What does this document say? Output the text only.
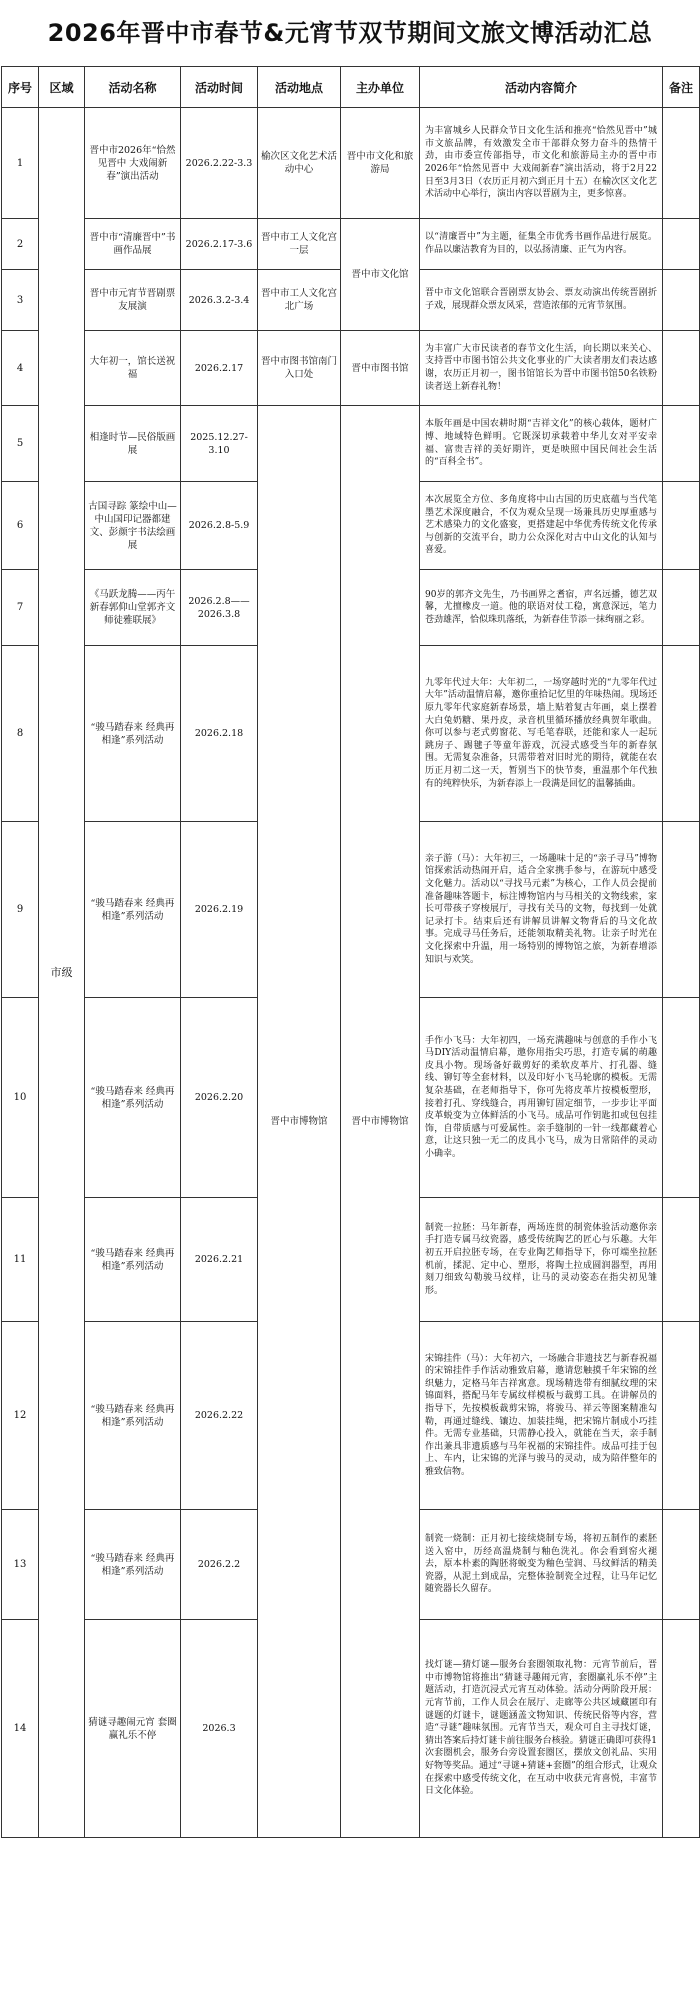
2026年晋中市春节&元宵节双节期间文旅文博活动汇总
序号	区域	活动名称	活动时间	活动地点	主办单位	活动内容简介	备注
1	市级	晋中市2026年“恰然见晋中 大戏闹新春”演出活动	2026.2.22-3.3	榆次区文化艺术活动中心	晋中市文化和旅游局	为丰富城乡人民群众节日文化生活和推亮“恰然见晋中”城市文旅品牌，有效激发全市干部群众努力奋斗的热情干劲，由市委宣传部指导，市文化和旅游局主办的晋中市2026年“恰然见晋中 大戏闹新春”演出活动，将于2月22日至3月3日（农历正月初六到正月十五）在榆次区文化艺术活动中心举行，演出内容以晋剧为主，更多惊喜。	
2		晋中市“清廉晋中”书画作品展	2026.2.17-3.6	晋中市工人文化宫一层	晋中市文化馆	以“清廉晋中”为主题，征集全市优秀书画作品进行展览。作品以廉洁教育为目的，以弘扬清廉、正气为内容。	
3		晋中市元宵节晋剧票友展演	2026.3.2-3.4	晋中市工人文化宫北广场		晋中市文化馆联合晋剧票友协会、票友动演出传统晋剧折子戏，展现群众票友风采，营造浓郁的元宵节氛围。	
4		大年初一，馆长送祝福	2026.2.17	晋中市图书馆南门入口处	晋中市图书馆	为丰富广大市民读者的春节文化生活，向长期以来关心、支持晋中市图书馆公共文化事业的广大读者朋友们表达感谢，农历正月初一，图书馆馆长为晋中市图书馆50名铁粉读者送上新春礼物！	
5		相逢时节—民俗版画展	2025.12.27-3.10	晋中市博物馆	晋中市博物馆	本版年画是中国农耕时期“吉祥文化”的核心载体，题材广博、地域特色鲜明。它既深切承载着中华儿女对平安幸福、富贵吉祥的美好期许，更是映照中国民间社会生活的“百科全书”。	
6		古国寻踪 篆绘中山—中山国印记器都建文、彭颜宇书法绘画展	2026.2.8-5.9			本次展览全方位、多角度将中山古国的历史底蕴与当代笔墨艺术深度融合，不仅为观众呈现一场兼具历史厚重感与艺术感染力的文化盛宴，更搭建起中华优秀传统文化传承与创新的交流平台，助力公众深化对古中山文化的认知与喜爱。	
7		《马跃龙腾——丙午新春郭仰山堂郭齐文师徒雅联展》	2026.2.8——2026.3.8			90岁的郭齐文先生，乃书画界之耆宿，声名远播，德艺双馨，尤擅橡皮一道。他的联语对仗工稳，寓意深远，笔力苍劲雄浑，恰似珠玑落纸，为新春佳节添一抹绚丽之彩。	
8		“骏马踏春来 经典再相逢”系列活动	2026.2.18			九零年代过大年：大年初二，一场穿越时光的“九零年代过大年”活动温情启幕，邀你重拾记忆里的年味热闹。现场还原九零年代家庭新春场景，墙上贴着复古年画，桌上摆着大白兔奶糖、果丹皮，录音机里循环播放经典贺年歌曲。你可以参与老式剪窗花、写毛笔春联，还能和家人一起玩跳房子、踢毽子等童年游戏，沉浸式感受当年的新春氛围。无需复杂准备，只需带着对旧时光的期待，就能在农历正月初二这一天，暂别当下的快节奏，重温那个年代独有的纯粹快乐，为新春添上一段满是回忆的温馨插曲。	
9		“骏马踏春来 经典再相逢”系列活动	2026.2.19			亲子游（马）：大年初三，一场趣味十足的“亲子寻马”博物馆探索活动热闹开启，适合全家携手参与，在游玩中感受文化魅力。活动以“寻找马元素”为核心，工作人员会提前准备趣味答题卡，标注博物馆内与马相关的文物线索，家长可带孩子穿梭展厅，寻找有关马的文物，每找到一处就记录打卡。结束后还有讲解员讲解文物背后的马文化故事。完成寻马任务后，还能领取精美礼物。让亲子时光在文化探索中升温，用一场特别的博物馆之旅，为新春增添知识与欢笑。	
10		“骏马踏春来 经典再相逢”系列活动	2026.2.20			手作小飞马：大年初四，一场充满趣味与创意的手作小飞马DIY活动温情启幕，邀你用指尖巧思，打造专属的萌趣皮具小物。现场备好裁剪好的柔软皮革片、打孔器、缝线、铆钉等全套材料，以及印好小飞马轮廓的模板。无需复杂基础，在老师指导下，你可先将皮革片按模板塑形，接着打孔、穿线缝合，再用铆钉固定细节，一步步让平面皮革蜕变为立体鲜活的小飞马。成品可作钥匙扣或包包挂饰，自带质感与可爱属性。亲手缝制的一针一线都藏着心意，让这只独一无二的皮具小飞马，成为日常陪伴的灵动小确幸。	
11		“骏马踏春来 经典再相逢”系列活动	2026.2.21			制瓷一拉胚：马年新春，两场连贯的制瓷体验活动邀你亲手打造专属马纹瓷器，感受传统陶艺的匠心与乐趣。大年初五开启拉胚专场，在专业陶艺师指导下，你可端坐拉胚机前，揉泥、定中心、塑形，将陶土拉成圆润器型，再用刻刀细致勾勒骏马纹样，让马的灵动姿态在指尖初见雏形。	
12		“骏马踏春来 经典再相逢”系列活动	2026.2.22			宋锦挂件（马）：大年初六，一场融合非遗技艺与新春祝福的宋锦挂件手作活动雅致启幕，邀请您触摸千年宋锦的丝织魅力，定格马年吉祥寓意。现场精选带有细腻纹理的宋锦面料，搭配马年专属纹样模板与裁剪工具。在讲解员的指导下，先按模板裁剪宋锦，将骏马、祥云等图案精准勾勒，再通过缝线、镶边、加装挂绳，把宋锦片制成小巧挂件。无需专业基础，只需静心投入，就能在当天，亲手制作出兼具非遗质感与马年祝福的宋锦挂件。成品可挂于包上、车内，让宋锦的光泽与骏马的灵动，成为陪伴整年的雅致信物。	
13		“骏马踏春来 经典再相逢”系列活动	2026.2.2			制瓷一烧制：正月初七接续烧制专场，将初五制作的素胚送入窑中，历经高温烧制与釉色洗礼。你会看到窑火褪去，原本朴素的陶胚将蜕变为釉色莹润、马纹鲜活的精美瓷器，从泥土到成品，完整体验制瓷全过程，让马年记忆随瓷器长久留存。	
14		猜谜寻趣闹元宵 套圈赢礼乐不停	2026.3			找灯谜—猜灯谜—服务台套圈领取礼物：元宵节前后，晋中市博物馆将推出“猜谜寻趣闹元宵，套圈赢礼乐不停”主题活动，打造沉浸式元宵互动体验。活动分两阶段开展：元宵节前，工作人员会在展厅、走廊等公共区域藏匿印有谜题的灯谜卡，谜题涵盖文物知识、传统民俗等内容，营造“寻谜”趣味氛围。元宵节当天，观众可自主寻找灯谜，猜出答案后持灯谜卡前往服务台核验。猜谜正确即可获得1次套圈机会，服务台旁设置套圈区，摆放文创礼品、实用好物等奖品。通过“寻谜+猜谜+套圈”的组合形式，让观众在探索中感受传统文化，在互动中收获元宵喜悦，丰富节日文化体验。	
